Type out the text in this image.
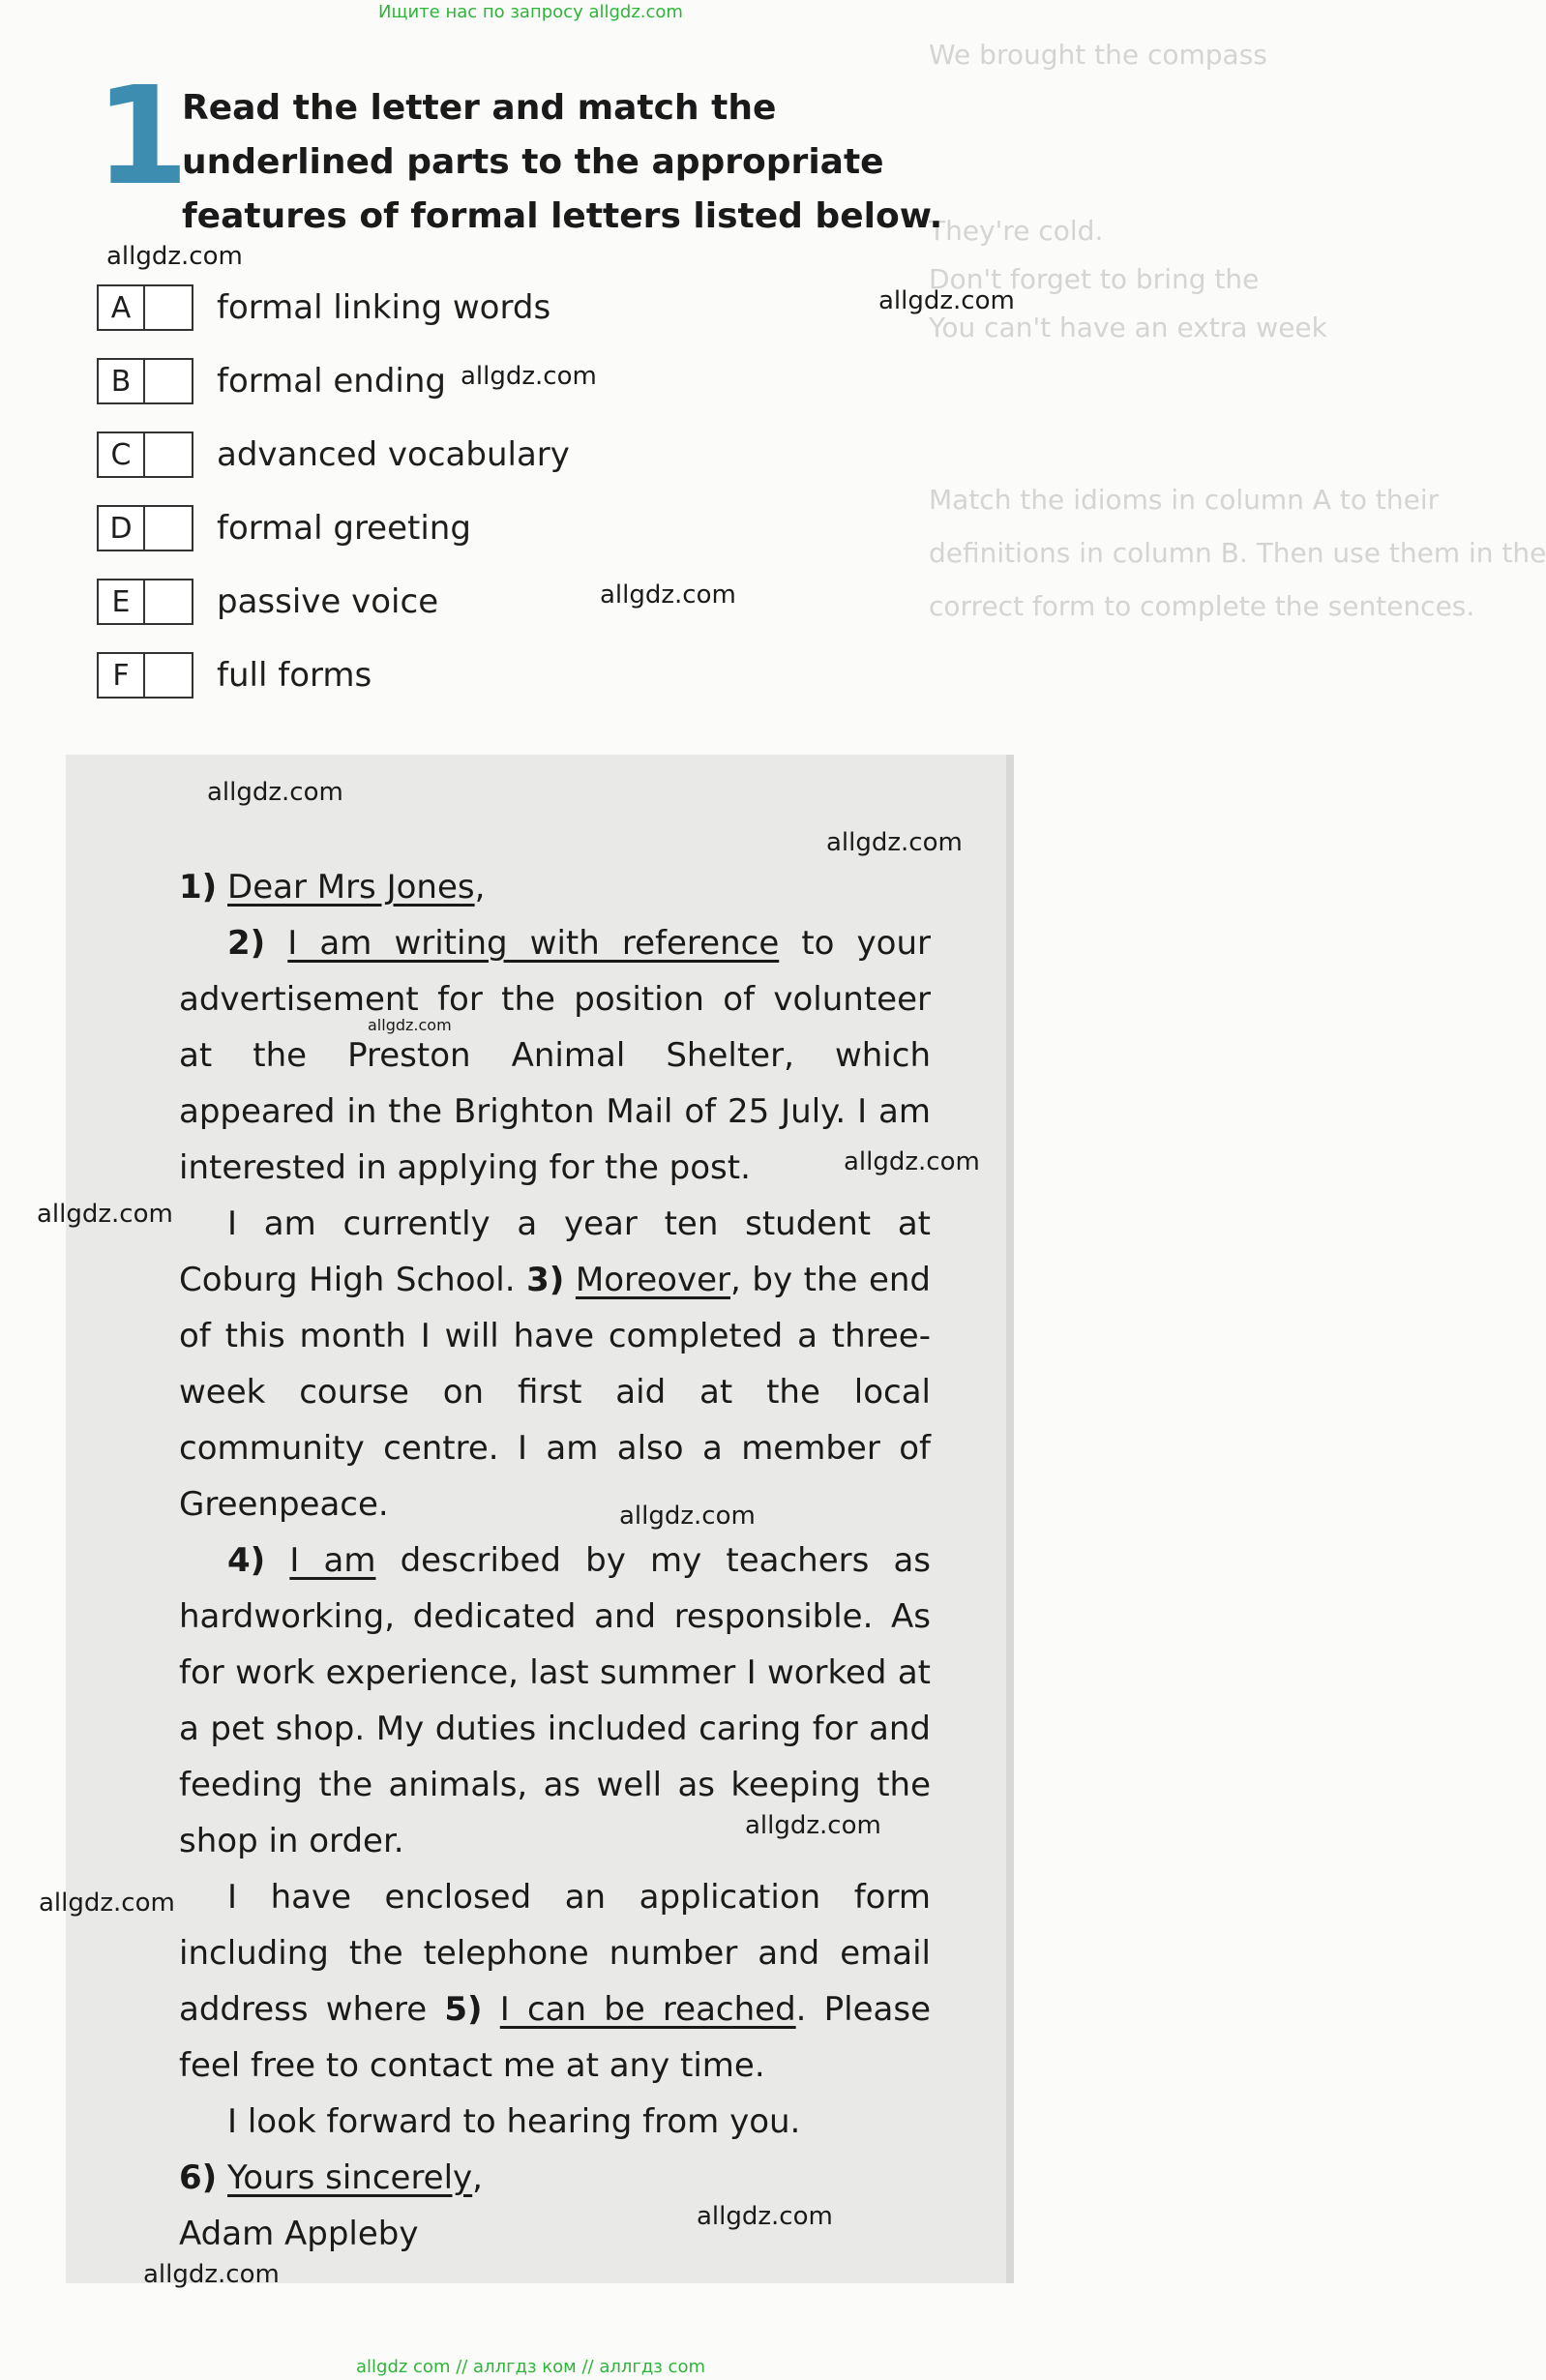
Ищите нас по запросу allgdz.com
We brought the compass
They're cold.
Don't forget to bring the
You can't have an extra week
Match the idioms in column A to their
definitions in column B. Then use them in the
correct form to complete the sentences.
1
Read the letter and match the underlined parts to the appropriate features of formal letters listed below.
A	formal linking words
B	formal ending
C	advanced vocabulary
D	formal greeting
E	passive voice
F	full forms

1) Dear Mrs Jones,

2) I am writing with reference to your advertisement for the position of volunteer at the Preston Animal Shelter, which appeared in the Brighton Mail of 25 July. I am interested in applying for the post.

I am currently a year ten student at Coburg High School. 3) Moreover, by the end of this month I will have completed a three-week course on first aid at the local community centre. I am also a member of Greenpeace.

4) I am described by my teachers as hardworking, dedicated and responsible. As for work experience, last summer I worked at a pet shop. My duties included caring for and feeding the animals, as well as keeping the shop in order.

I have enclosed an application form including the telephone number and email address where 5) I can be reached. Please feel free to contact me at any time.

I look forward to hearing from you.

6) Yours sincerely,

Adam Appleby

allgdz.com
allgdz.com
allgdz.com
allgdz.com
allgdz.com
allgdz.com
allgdz.com
allgdz.com
allgdz.com
allgdz.com
allgdz.com
allgdz.com
allgdz.com
allgdz.com
allgdz com // аллгдз ком // аллгдз com
